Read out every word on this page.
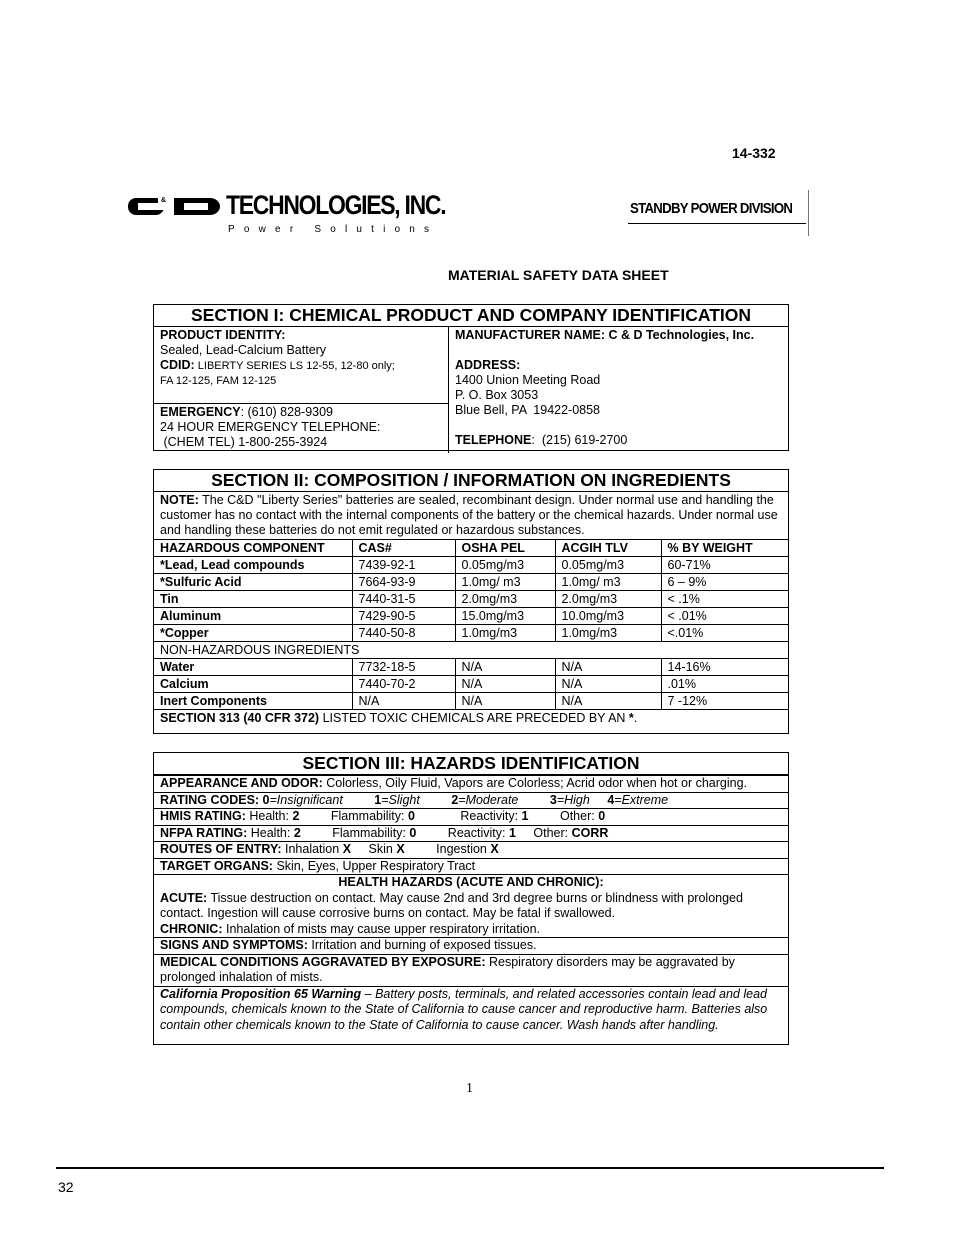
14-332
& TECHNOLOGIES, INC.
Power Solutions
STANDBY POWER DIVISION
MATERIAL SAFETY DATA SHEET
SECTION I: CHEMICAL PRODUCT AND COMPANY IDENTIFICATION
PRODUCT IDENTITY:
Sealed, Lead-Calcium Battery
CDID: LIBERTY SERIES LS 12-55, 12-80 only;
FA 12-125, FAM 12-125
EMERGENCY: (610) 828-9309
24 HOUR EMERGENCY TELEPHONE:
(CHEM TEL) 1-800-255-3924
MANUFACTURER NAME: C & D Technologies, Inc.

ADDRESS:
1400 Union Meeting Road
P. O. Box 3053
Blue Bell, PA  19422-0858

TELEPHONE:  (215) 619-2700
SECTION II: COMPOSITION / INFORMATION ON INGREDIENTS
NOTE: The C&D "Liberty Series" batteries are sealed, recombinant design. Under normal use and handling the customer has no contact with the internal components of the battery or the chemical hazards. Under normal use and handling these batteries do not emit regulated or hazardous substances.				
HAZARDOUS COMPONENT	CAS#	OSHA PEL	ACGIH TLV	% BY WEIGHT
*Lead, Lead compounds	7439-92-1	0.05mg/m3	0.05mg/m3	60-71%
*Sulfuric Acid	7664-93-9	1.0mg/ m3	1.0mg/ m3	6 – 9%
Tin	7440-31-5	2.0mg/m3	2.0mg/m3	< .1%
Aluminum	7429-90-5	15.0mg/m3	10.0mg/m3	< .01%
*Copper	7440-50-8	1.0mg/m3	1.0mg/m3	<.01%
NON-HAZARDOUS INGREDIENTS				
Water	7732-18-5	N/A	N/A	14-16%
Calcium	7440-70-2	N/A	N/A	.01%
Inert Components	N/A	N/A	N/A	7 -12%
SECTION 313 (40 CFR 372) LISTED TOXIC CHEMICALS ARE PRECEDED BY AN *.				
SECTION III: HAZARDS IDENTIFICATION
APPEARANCE AND ODOR: Colorless, Oily Fluid, Vapors are Colorless; Acrid odor when hot or charging.
RATING CODES: 0=Insignificant	1=Slight	2=Moderate	3=High 4=Extreme
HMIS RATING: Health: 2	Flammability: 0	Reactivity: 1	Other: 0
NFPA RATING: Health: 2	Flammability: 0	Reactivity: 1 Other: CORR
ROUTES OF ENTRY: Inhalation X Skin X	Ingestion X
TARGET ORGANS: Skin, Eyes, Upper Respiratory Tract
HEALTH HAZARDS (ACUTE AND CHRONIC):
ACUTE: Tissue destruction on contact. May cause 2nd and 3rd degree burns or blindness with prolonged contact. Ingestion will cause corrosive burns on contact. May be fatal if swallowed.
CHRONIC: Inhalation of mists may cause upper respiratory irritation.
SIGNS AND SYMPTOMS: Irritation and burning of exposed tissues.
MEDICAL CONDITIONS AGGRAVATED BY EXPOSURE: Respiratory disorders may be aggravated by prolonged inhalation of mists.
California Proposition 65 Warning – Battery posts, terminals, and related accessories contain lead and lead compounds, chemicals known to the State of California to cause cancer and reproductive harm. Batteries also contain other chemicals known to the State of California to cause cancer. Wash hands after handling.
1
32
